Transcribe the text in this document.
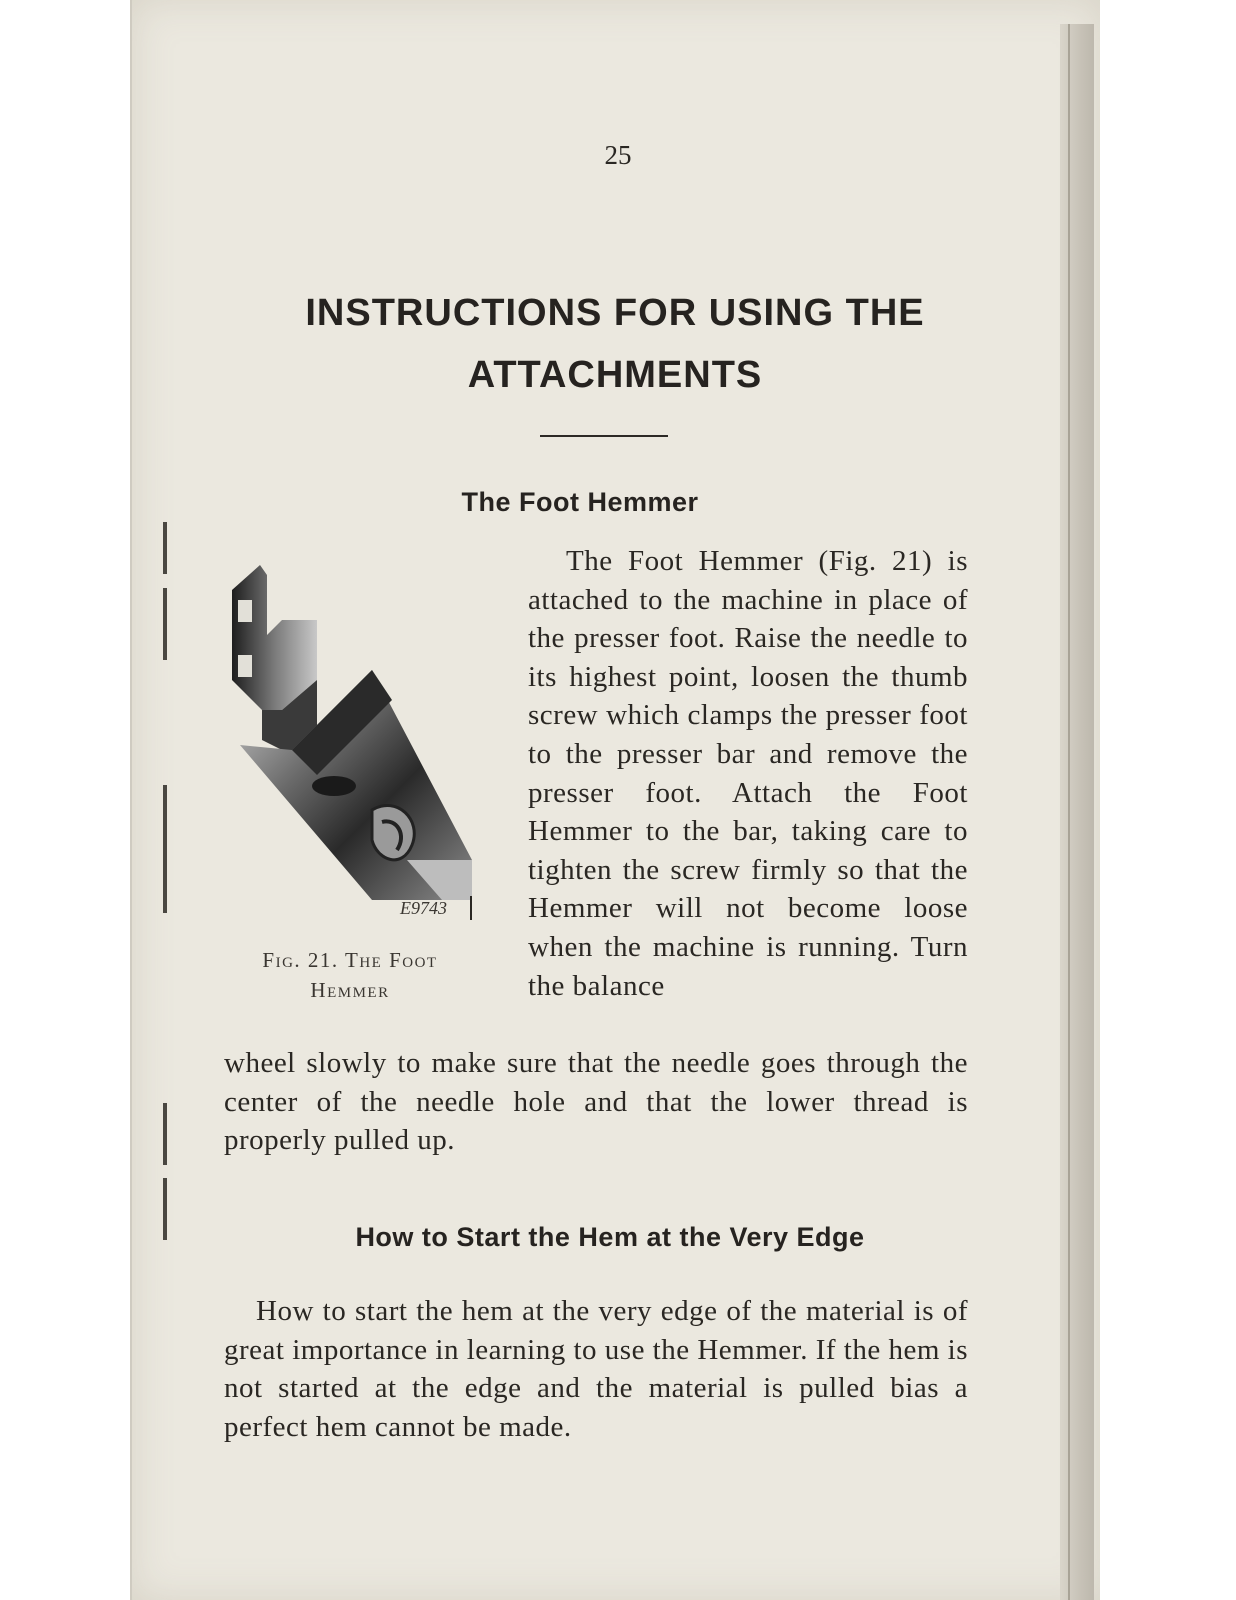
25
INSTRUCTIONS FOR USING THE
ATTACHMENTS
The Foot Hemmer
E9743

Fig. 21. The Foot
Hemmer

The Foot Hemmer (Fig. 21) is attached to the machine in place of the presser foot. Raise the needle to its highest point, loosen the thumb screw which clamps the presser foot to the presser bar and remove the presser foot. Attach the Foot Hemmer to the bar, taking care to tighten the screw firmly so that the Hemmer will not become loose when the machine is running. Turn the balance

wheel slowly to make sure that the needle goes through the center of the needle hole and that the lower thread is properly pulled up.

How to Start the Hem at the Very Edge

How to start the hem at the very edge of the material is of great importance in learning to use the Hemmer. If the hem is not started at the edge and the material is pulled bias a perfect hem cannot be made.
